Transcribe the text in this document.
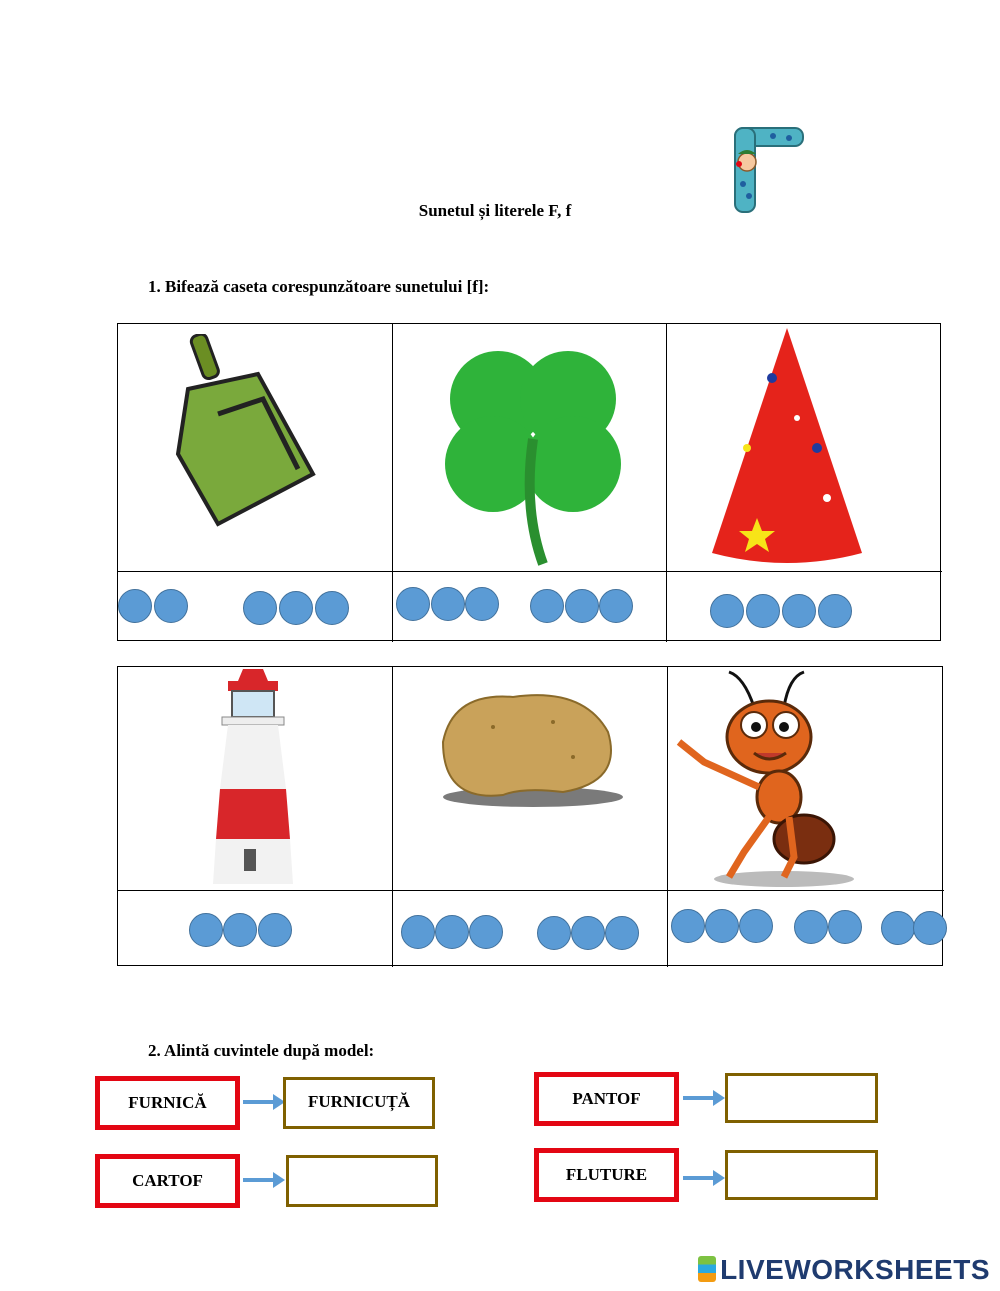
Sunetul și literele F, f
1. Bifează caseta corespunzătoare sunetului [f]:
2. Alintă cuvintele după model:
FURNICĂ	FURNICUȚĂ
CARTOF
PANTOF
FLUTURE
LIVEWORKSHEETS
